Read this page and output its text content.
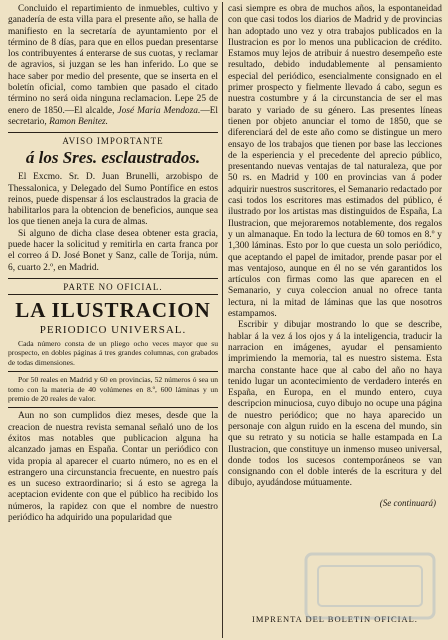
Concluido el repartimiento de inmuebles, cultivo y ganadería de esta villa para el presente año, se halla de manifiesto en la secretaría de ayuntamiento por el término de 8 días, para que en ellos puedan presentarse los contribuyentes á enterarse de sus cuotas, y reclamar de agravios, si juzgan se les han inferido. Lo que se hace saber por medio del presente, que se inserta en el boletín oficial, como tambien que pasado el citado término no será oida ninguna reclamacion. Lepe 25 de enero de 1850.—El alcalde, José Maria Mendoza.—El secretario, Ramon Benitez.

AVISO IMPORTANTE
á los Sres. esclaustrados.

El Excmo. Sr. D. Juan Brunelli, arzobispo de Thessalonica, y Delegado del Sumo Pontífice en estos reinos, puede dispensar á los esclaustrados la gracia de habilitarlos para la obtencion de beneficios, aunque sea los que tienen aneja la cura de almas.

Si alguno de dicha clase desea obtener esta gracia, puede hacer la solicitud y remitirla en carta franca por el correo á D. José Bonet y Sanz, calle de Torija, núm. 6, cuarto 2.º, en Madrid.

PARTE NO OFICIAL.
LA ILUSTRACION
PERIODICO UNIVERSAL.

Cada número consta de un pliego ocho veces mayor que su prospecto, en dobles páginas á tres grandes columnas, con grabados de todas dimensiones.

Por 50 reales en Madrid y 60 en provincias, 52 números ó sea un tomo con la materia de 40 volúmenes en 8.º, 600 láminas y un premio de 20 reales de valor.

Aun no son cumplidos diez meses, desde que la creacion de nuestra revista semanal señaló uno de los éxitos mas notables que publicacion alguna ha alcanzado jamas en España. Contar un periódico con vida propia al aparecer el cuarto número, no es en el estrangero una circunstancia frecuente, en nuestro país es un suceso extraordinario; si á esto se agrega la aceptacion evidente con que el público ha recibido los números, la rapidez con que el nombre de nuestro periódico ha adquirido una popularidad que

casi siempre es obra de muchos años, la espontaneidad con que casi todos los diarios de Madrid y de provincias han adoptado uno vez y otra trabajos publicados en la Ilustracion es por lo menos una publicacion de crédito. Estamos muy lejos de atribuir á nuestro desempeño este resultado, debido indudablemente al pensamiento especial del periódico, esencialmente consignado en el primer prospecto y fielmente llevado á cabo, segun es nuestra costumbre y á la circunstancia de ser el mas barato y variado de su género. Las presentes líneas tienen por objeto anunciar el tomo de 1850, que se diferenciará del de este año como se distingue un mero ensayo de los trabajos que tienen por base las lecciones de la esperiencia y el precedente del aprecio público, presentando nuevas ventajas de tal naturaleza, que por 50 rs. en Madrid y 100 en provincias van á poder adquirir nuestros suscritores, el Semanario redactado por casi todos los escritores mas estimados del público, é ilustrado por los artistas mas distinguidos de España, La Ilustracion, que mejoraremos notablemente, dos regalos y un almanaque. En todo la lectura de 60 tomos en 8.º y 1,300 láminas. Esto por lo que cuesta un solo periódico, que aceptando el papel de imitador, prende pasar por el mas ventajoso, aunque en él no se vén garantidos los artículos con firmas como las que aparecen en el Semanario, y cuya coleccion anual no ofrece tanta lectura, ni la mitad de láminas que las que nosotros estampamos.

Escribir y dibujar mostrando lo que se describe, hablar á la vez á los ojos y á la inteligencia, traducir la narracion en imágenes, ayudar el pensamiento imprimiendo la memoria, tal es nuestro sistema. Esta marcha constante hace que al cabo del año no haya tenido lugar un acontecimiento de verdadero interés en España, en Europa, en el mundo entero, cuya descripcion minuciosa, cuyo dibujo no ocupe una página de nuestro periódico; que no haya aparecido un personaje con algun ruido en la escena del mundo, sin que su retrato y su noticia se halle estampada en La Ilustracion, que constituye un inmenso museo universal, donde todos los sucesos contemporáneos se van consignando con el doble interés de la escritura y del dibujo, ayudándose mútuamente.

(Se continuará)
IMPRENTA DEL BOLETIN OFICIAL.
